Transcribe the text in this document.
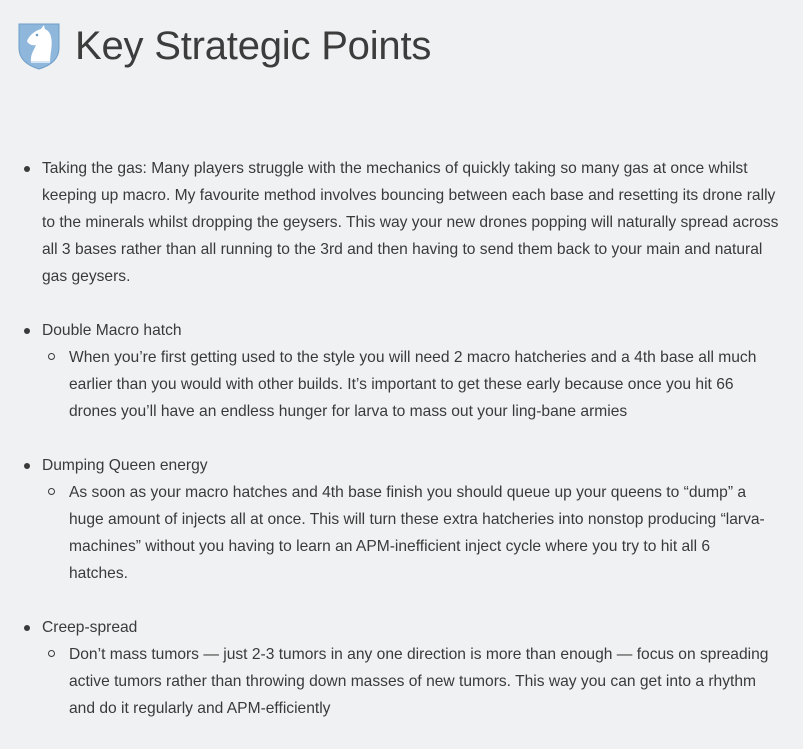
Key Strategic Points
Taking the gas: Many players struggle with the mechanics of quickly taking so many gas at once whilst keeping up macro. My favourite method involves bouncing between each base and resetting its drone rally to the minerals whilst dropping the geysers. This way your new drones popping will naturally spread across all 3 bases rather than all running to the 3rd and then having to send them back to your main and natural gas geysers.
Double Macro hatch
When you’re first getting used to the style you will need 2 macro hatcheries and a 4th base all much earlier than you would with other builds. It’s important to get these early because once you hit 66 drones you’ll have an endless hunger for larva to mass out your ling-bane armies
Dumping Queen energy
As soon as your macro hatches and 4th base finish you should queue up your queens to “dump” a huge amount of injects all at once. This will turn these extra hatcheries into nonstop producing “larva-machines” without you having to learn an APM-inefficient inject cycle where you try to hit all 6 hatches.
Creep-spread
Don’t mass tumors — just 2-3 tumors in any one direction is more than enough — focus on spreading active tumors rather than throwing down masses of new tumors. This way you can get into a rhythm and do it regularly and APM-efficiently
